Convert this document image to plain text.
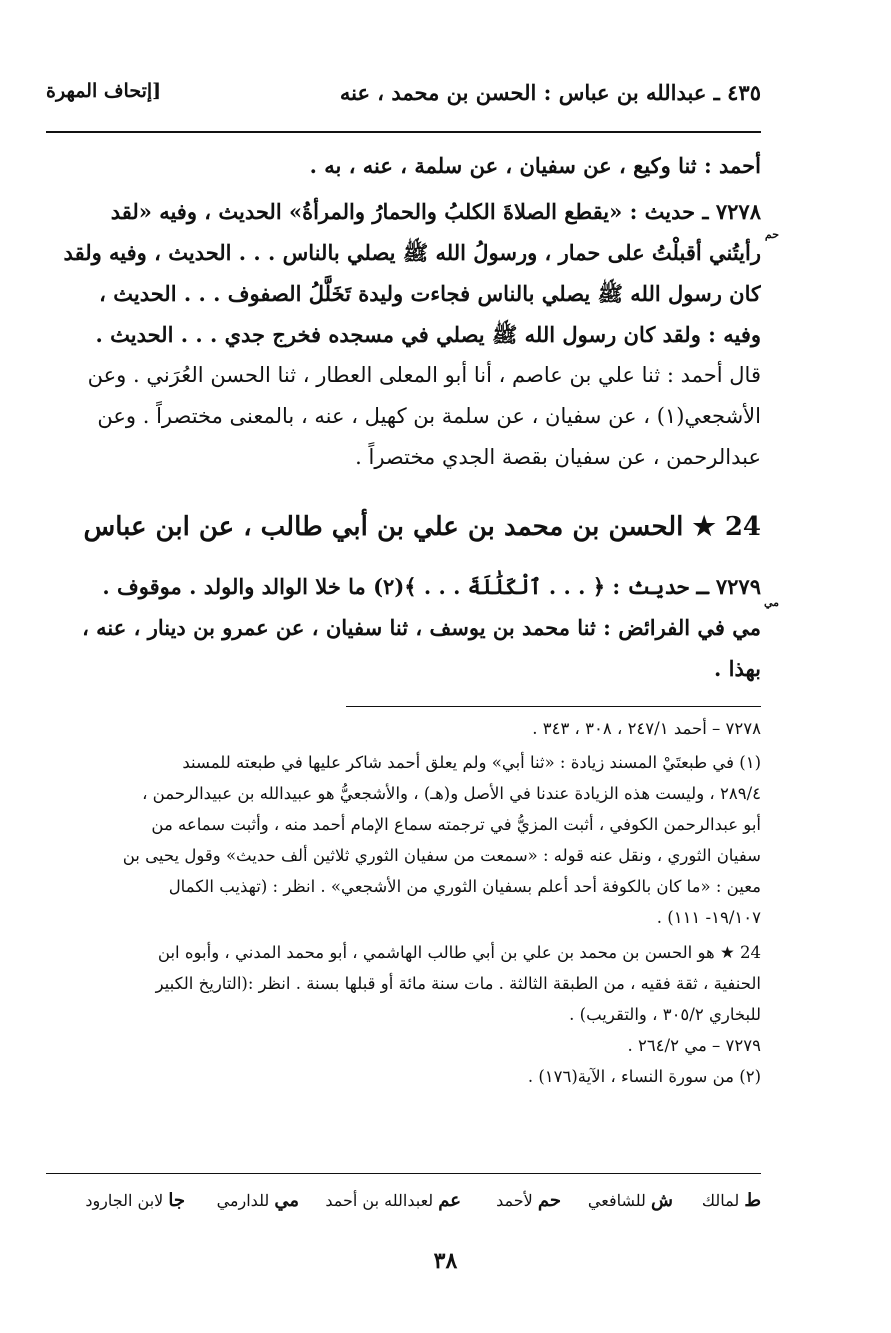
٤٣٥ ـ عبدالله بن عباس : الحسن بن محمد ، عنه
[إتحاف المهرة
أحمد : ثنا وكيع ، عن سفيان ، عن سلمة ، عنه ، به .
٧٢٧٨ ـ حديث : «يقطع الصلاةَ الكلبُ والحمارُ والمرأةُ» الحديث ، وفيه «لقد
رأيتُني أقبلْتُ على حمار ، ورسولُ الله ﷺ يصلي بالناس . . . الحديث ، وفيه ولقد
كان رسول الله ﷺ يصلي بالناس فجاءت وليدة تَخَلَّلُ الصفوف . . . الحديث ،
وفيه : ولقد كان رسول الله ﷺ يصلي في مسجده فخرج جدي . . . الحديث .
قال أحمد : ثنا علي بن عاصم ، أنا أبو المعلى العطار ، ثنا الحسن العُرَني . وعن
الأشجعي(١) ، عن سفيان ، عن سلمة بن كهيل ، عنه ، بالمعنى مختصراً . وعن
عبدالرحمن ، عن سفيان بقصة الجدي مختصراً .
حم
24 ★ الحسن بن محمد بن علي بن أبي طالب ، عن ابن عباس
٧٢٧٩ ـ حديث : ﴿ . . . ٱلْكَلَٰلَةَ . . . ﴾(٢) ما خلا الوالد والولد . موقوف .
مي في الفرائض : ثنا محمد بن يوسف ، ثنا سفيان ، عن عمرو بن دينار ، عنه ،
بهذا .
مي
٧٢٧٨ – أحمد ٢٤٧/١ ، ٣٠٨ ، ٣٤٣ .
(١) في طبعتَيْ المسند زيادة : «ثنا أبي» ولم يعلق أحمد شاكر عليها في طبعته للمسند
٢٨٩/٤ ، وليست هذه الزيادة عندنا في الأصل و(هـ) ، والأشجعيُّ هو عبيدالله بن عبيدالرحمن ،
أبو عبدالرحمن الكوفي ، أثبت المزيُّ في ترجمته سماع الإمام أحمد منه ، وأثبت سماعه من
سفيان الثوري ، ونقل عنه قوله : «سمعت من سفيان الثوري ثلاثين ألف حديث» وقول يحيى بن
معين : «ما كان بالكوفة أحد أعلم بسفيان الثوري من الأشجعي» . انظر : (تهذيب الكمال
١٩/١٠٧- ١١١) .
24 ★ هو الحسن بن محمد بن علي بن أبي طالب الهاشمي ، أبو محمد المدني ، وأبوه ابن
الحنفية ، ثقة فقيه ، من الطبقة الثالثة . مات سنة مائة أو قبلها بسنة . انظر :(التاريخ الكبير
للبخاري ٣٠٥/٢ ، والتقريب) .
٧٢٧٩ – مي ٢٦٤/٢ .
(٢) من سورة النساء ، الآية(١٧٦) .
ط لمالك
ش للشافعي
حم لأحمد
عم لعبدالله بن أحمد
مي للدارمي
جا لابن الجارود
٣٨
